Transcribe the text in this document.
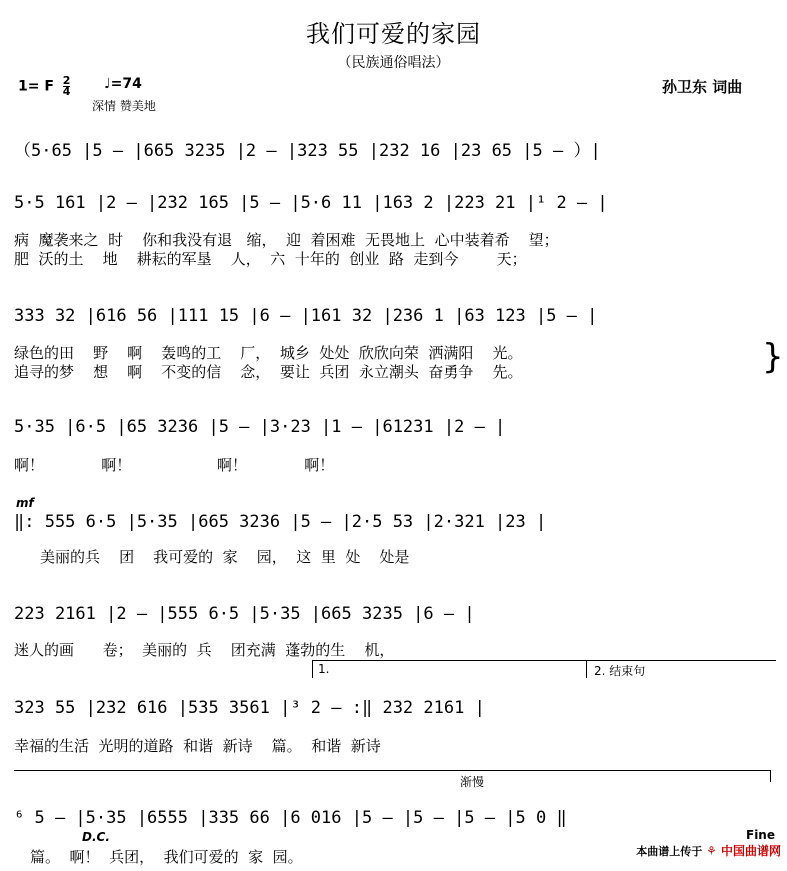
我们可爱的家园
（民族通俗唱法）
1= F $\frac{2}{4}$ ♩=74
深情 赞美地
孙卫东 词曲
（5·65 |5 – |665 3235 |2 – |323 55 |232 16 |23 65 |5 – ）|
5·5 161 |2 – |232 165 |5 – |5·6 11 |163 2 |223 21 |¹ 2 – |
病  魔袭来之  时    你和我没有退   缩，  迎  着困难  无畏地上  心中装着希    望；
肥  沃的土    地    耕耘的军垦    人，  六  十年的  创业  路  走到今        天；
333 32 |616 56 |111 15 |6 – |161 32 |236 1 |63 123 |5 – |
绿色的田    野    啊    轰鸣的工    厂，  城乡  处处  欣欣向荣  洒满阳    光。
追寻的梦    想    啊    不变的信    念，  要让  兵团  永立潮头  奋勇争    先。	}
5·35 |6·5 |65 3236 |5 – |3·23 |1 – |61231 |2 – |
啊！            啊！                  啊！            啊！
mf
‖: 555 6·5 |5·35 |665 3236 |5 – |2·5 53 |2·321 |23 |
美丽的兵    团    我可爱的  家    园，  这  里  处    处是
223 2161 |2 – |555 6·5 |5·35 |665 3235 |6 – |
迷人的画      卷；  美丽的  兵    团充满  蓬勃的生    机，
1.	2. 结束句
323 55 |232 616 |535 3561 |³ 2 – :‖ 232 2161 |
幸福的生活  光明的道路  和谐  新诗    篇。  和谐  新诗
渐慢
⁶ 5 – |5·35 |6555 |335 66 |6 016 |5 – |5 – |5 – |5 0 ‖
D.C.	Fine
篇。  啊！  兵团，  我们可爱的  家  园。	本曲谱上传于 ⚘ 中国曲谱网
